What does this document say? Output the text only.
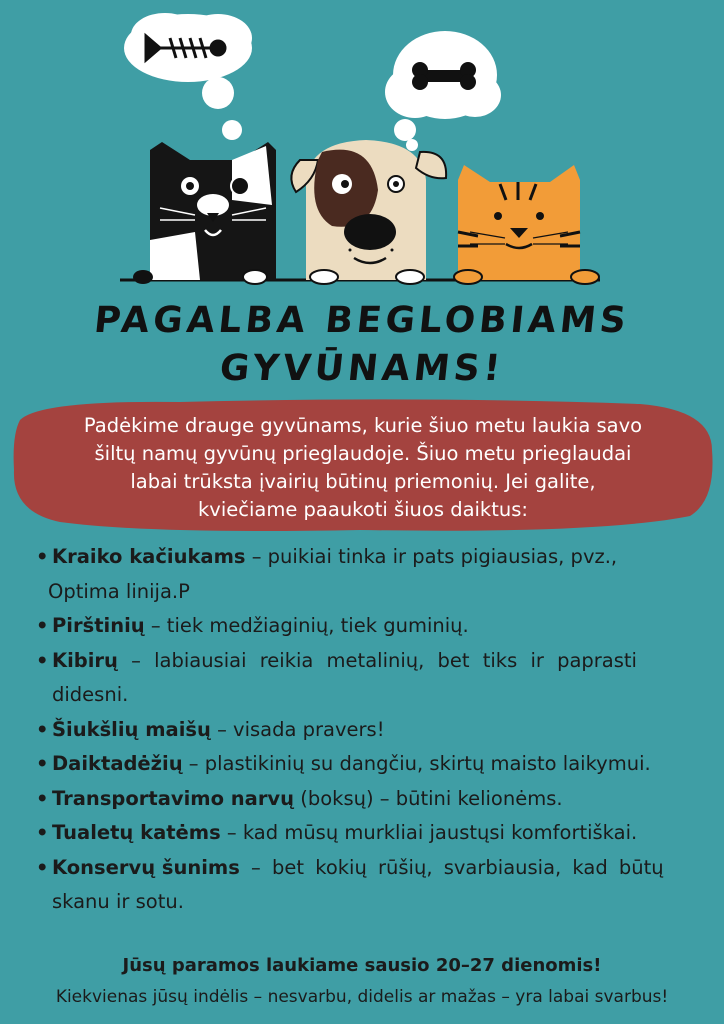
PAGALBA BEGLOBIAMS
GYVŪNAMS!
Padėkime drauge gyvūnams, kurie šiuo metu laukia savo
šiltų namų gyvūnų prieglaudoje. Šiuo metu prieglaudai
labai trūksta įvairių būtinų priemonių. Jei galite,
kviečiame paaukoti šiuos daiktus:
• Kraiko kačiukams – puikiai tinka ir pats pigiausias, pvz.,
Optima linija.P
• Pirštinių – tiek medžiaginių, tiek guminių.
• Kibirų – labiausiai reikia metalinių, bet tiks ir paprasti
didesni.
• Šiukšlių maišų – visada pravers!
• Daiktadėžių – plastikinių su dangčiu, skirtų maisto laikymui.
• Transportavimo narvų (boksų) – būtini kelionėms.
• Tualetų katėms – kad mūsų murkliai jaustųsi komfortiškai.
• Konservų šunims – bet kokių rūšių, svarbiausia, kad būtų
skanu ir sotu.
Jūsų paramos laukiame sausio 20–27 dienomis!
Kiekvienas jūsų indėlis – nesvarbu, didelis ar mažas – yra labai svarbus!
